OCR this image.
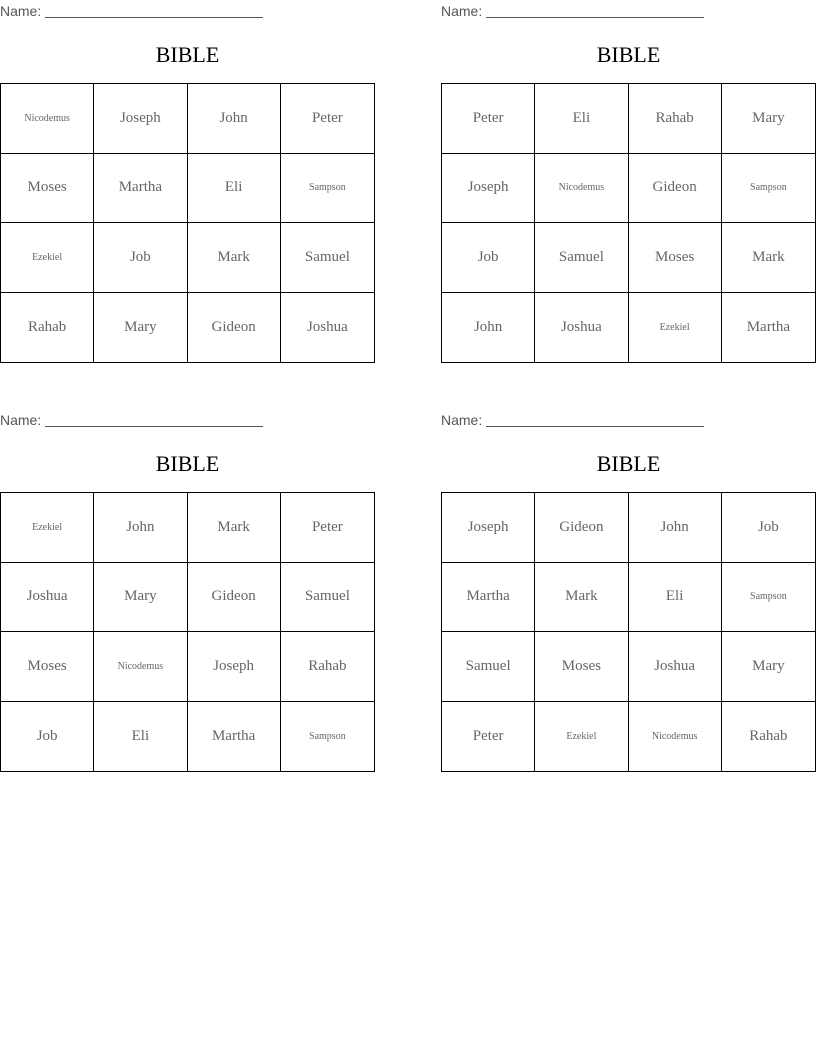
Name:
BIBLE
Nicodemus	Joseph	John	Peter
Moses	Martha	Eli	Sampson
Ezekiel	Job	Mark	Samuel
Rahab	Mary	Gideon	Joshua
Name:
BIBLE
Peter	Eli	Rahab	Mary
Joseph	Nicodemus	Gideon	Sampson
Job	Samuel	Moses	Mark
John	Joshua	Ezekiel	Martha
Name:
BIBLE
Ezekiel	John	Mark	Peter
Joshua	Mary	Gideon	Samuel
Moses	Nicodemus	Joseph	Rahab
Job	Eli	Martha	Sampson
Name:
BIBLE
Joseph	Gideon	John	Job
Martha	Mark	Eli	Sampson
Samuel	Moses	Joshua	Mary
Peter	Ezekiel	Nicodemus	Rahab
